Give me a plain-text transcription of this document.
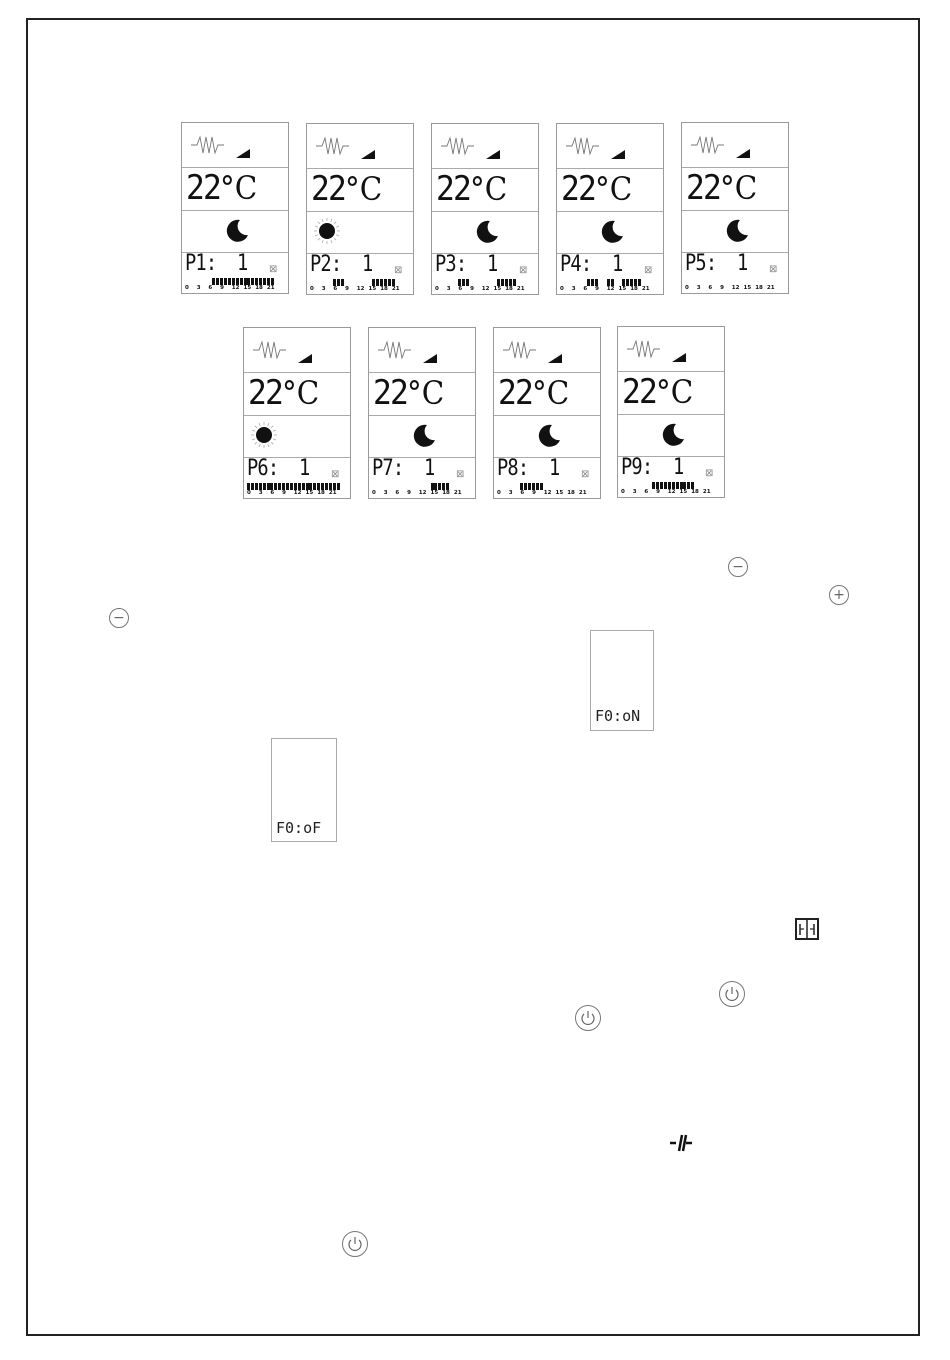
22°C
P1:  1 ⊠
0 3 6 9 12 15 18 21
22°C
P2:  1 ⊠
0 3 6 9 12 15 18 21
22°C
P3:  1 ⊠
0 3 6 9 12 15 18 21
22°C
P4:  1 ⊠
0 3 6 9 12 15 18 21
22°C
P5:  1 ⊠
0 3 6 9 12 15 18 21
22°C
P6:  1 ⊠
0 3 6 9 12 15 18 21
22°C
P7:  1 ⊠
0 3 6 9 12 15 18 21
22°C
P8:  1 ⊠
0 3 6 9 12 15 18 21
22°C
P9:  1 ⊠
0 3 6 9 12 15 18 21
−
+
−
F0:oN
F0:oF
